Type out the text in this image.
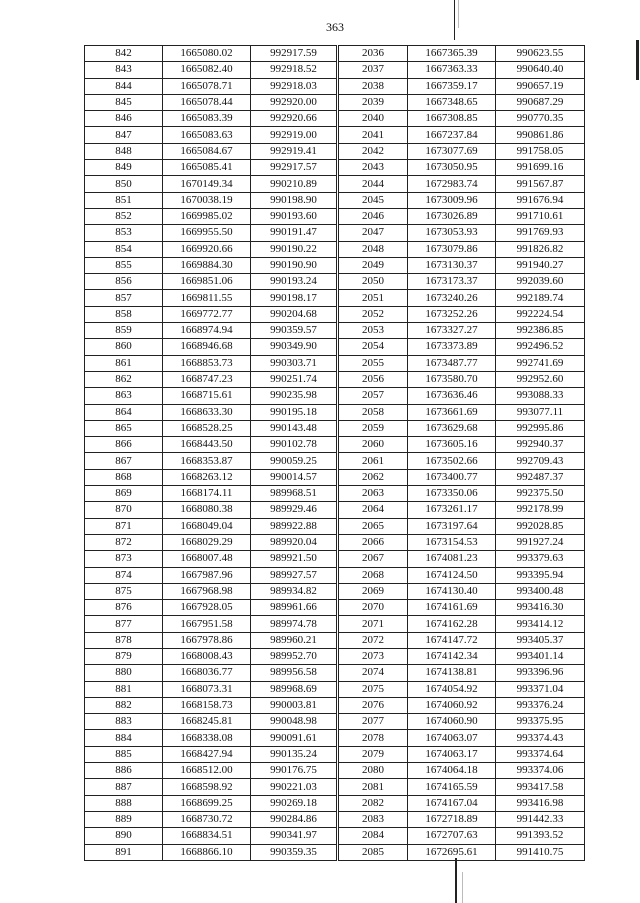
363
842	1665080.02	992917.59	2036	1667365.39	990623.55
843	1665082.40	992918.52	2037	1667363.33	990640.40
844	1665078.71	992918.03	2038	1667359.17	990657.19
845	1665078.44	992920.00	2039	1667348.65	990687.29
846	1665083.39	992920.66	2040	1667308.85	990770.35
847	1665083.63	992919.00	2041	1667237.84	990861.86
848	1665084.67	992919.41	2042	1673077.69	991758.05
849	1665085.41	992917.57	2043	1673050.95	991699.16
850	1670149.34	990210.89	2044	1672983.74	991567.87
851	1670038.19	990198.90	2045	1673009.96	991676.94
852	1669985.02	990193.60	2046	1673026.89	991710.61
853	1669955.50	990191.47	2047	1673053.93	991769.93
854	1669920.66	990190.22	2048	1673079.86	991826.82
855	1669884.30	990190.90	2049	1673130.37	991940.27
856	1669851.06	990193.24	2050	1673173.37	992039.60
857	1669811.55	990198.17	2051	1673240.26	992189.74
858	1669772.77	990204.68	2052	1673252.26	992224.54
859	1668974.94	990359.57	2053	1673327.27	992386.85
860	1668946.68	990349.90	2054	1673373.89	992496.52
861	1668853.73	990303.71	2055	1673487.77	992741.69
862	1668747.23	990251.74	2056	1673580.70	992952.60
863	1668715.61	990235.98	2057	1673636.46	993088.33
864	1668633.30	990195.18	2058	1673661.69	993077.11
865	1668528.25	990143.48	2059	1673629.68	992995.86
866	1668443.50	990102.78	2060	1673605.16	992940.37
867	1668353.87	990059.25	2061	1673502.66	992709.43
868	1668263.12	990014.57	2062	1673400.77	992487.37
869	1668174.11	989968.51	2063	1673350.06	992375.50
870	1668080.38	989929.46	2064	1673261.17	992178.99
871	1668049.04	989922.88	2065	1673197.64	992028.85
872	1668029.29	989920.04	2066	1673154.53	991927.24
873	1668007.48	989921.50	2067	1674081.23	993379.63
874	1667987.96	989927.57	2068	1674124.50	993395.94
875	1667968.98	989934.82	2069	1674130.40	993400.48
876	1667928.05	989961.66	2070	1674161.69	993416.30
877	1667951.58	989974.78	2071	1674162.28	993414.12
878	1667978.86	989960.21	2072	1674147.72	993405.37
879	1668008.43	989952.70	2073	1674142.34	993401.14
880	1668036.77	989956.58	2074	1674138.81	993396.96
881	1668073.31	989968.69	2075	1674054.92	993371.04
882	1668158.73	990003.81	2076	1674060.92	993376.24
883	1668245.81	990048.98	2077	1674060.90	993375.95
884	1668338.08	990091.61	2078	1674063.07	993374.43
885	1668427.94	990135.24	2079	1674063.17	993374.64
886	1668512.00	990176.75	2080	1674064.18	993374.06
887	1668598.92	990221.03	2081	1674165.59	993417.58
888	1668699.25	990269.18	2082	1674167.04	993416.98
889	1668730.72	990284.86	2083	1672718.89	991442.33
890	1668834.51	990341.97	2084	1672707.63	991393.52
891	1668866.10	990359.35	2085	1672695.61	991410.75
